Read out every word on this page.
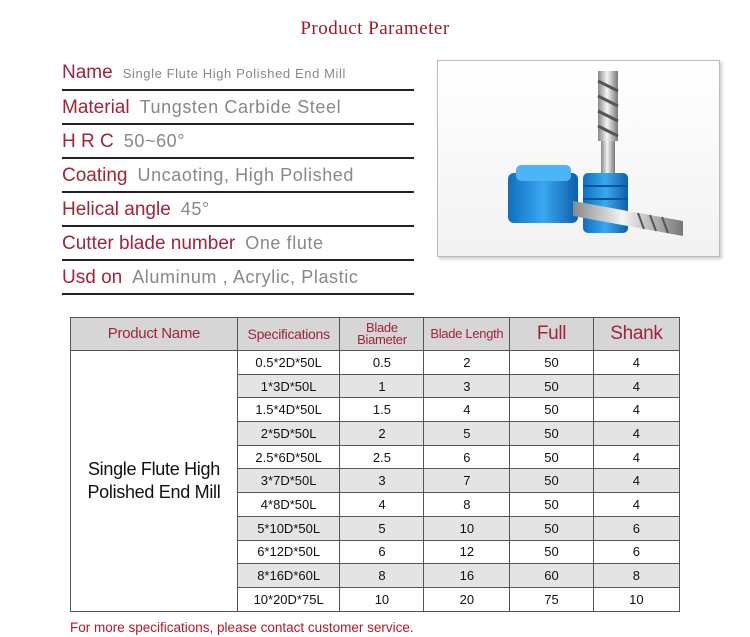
Product Parameter
Name Single Flute High Polished End Mill
Material Tungsten Carbide Steel
H R C 50~60°
Coating Uncaoting, High Polished
Helical angle 45°
Cutter blade number One flute
Usd on Aluminum , Acrylic, Plastic
Product Name	Specifications	Blade Biameter	Blade Length	Full	Shank
Single Flute High Polished End Mill	0.5*2D*50L	0.5	2	50	4
	1*3D*50L	1	3	50	4
	1.5*4D*50L	1.5	4	50	4
	2*5D*50L	2	5	50	4
	2.5*6D*50L	2.5	6	50	4
	3*7D*50L	3	7	50	4
	4*8D*50L	4	8	50	4
	5*10D*50L	5	10	50	6
	6*12D*50L	6	12	50	6
	8*16D*60L	8	16	60	8
	10*20D*75L	10	20	75	10
For more specifications, please contact customer service.
